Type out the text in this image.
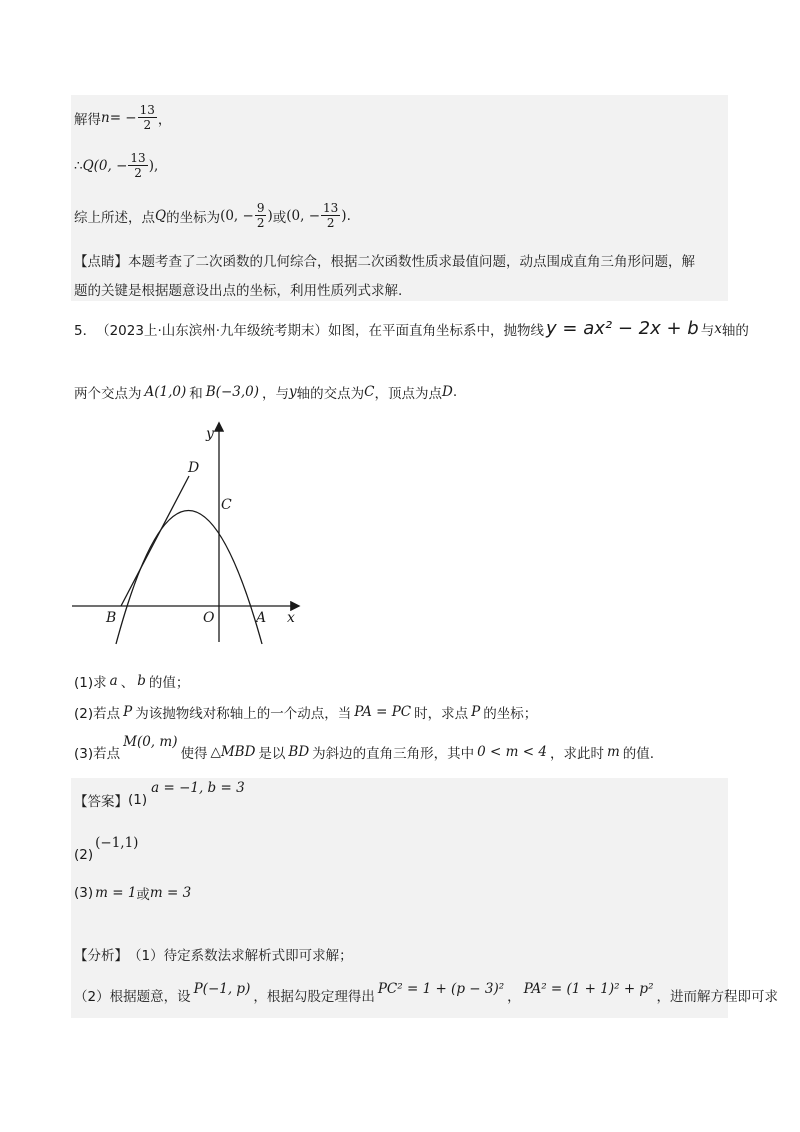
解得 n = − $\frac{13}{2}$ ，
∴ Q(0, − $\frac{13}{2}$ ),
综上所述，点 Q 的坐标为 (0, − $\frac{9}{2}$ ) 或 (0, − $\frac{13}{2}$ ) .
【点睛】本题考查了二次函数的几何综合，根据二次函数性质求最值问题，动点围成直角三角形问题，解
题的关键是根据题意设出点的坐标，利用性质列式求解.
5． （2023上·山东滨州·九年级统考期末）如图，在平面直角坐标系中，抛物线 y = ax² − 2x + b 与 x 轴的
两个交点为 A(1,0) 和 B(−3,0) ，与 y 轴的交点为 C ，顶点为点 D .
y
x
D
C
B	O	A
(1)求 a 、 b 的值；
(2)若点 P 为该抛物线对称轴上的一个动点，当 PA = PC 时，求点 P 的坐标；
(3)若点
M(0, m)
使得 △MBD 是以 BD 为斜边的直角三角形，其中 0 < m < 4 ，求此时 m 的值.
【答案】 (1)
a = −1, b = 3
(2)
(−1,1)
(3) m = 1 或 m = 3
【分析】 （1）待定系数法求解析式即可求解；
（2）根据题意，设 P(−1, p) ，根据勾股定理得出 PC² = 1 + (p − 3)² ， PA² = (1 + 1)² + p² ，进而解方程即可求
